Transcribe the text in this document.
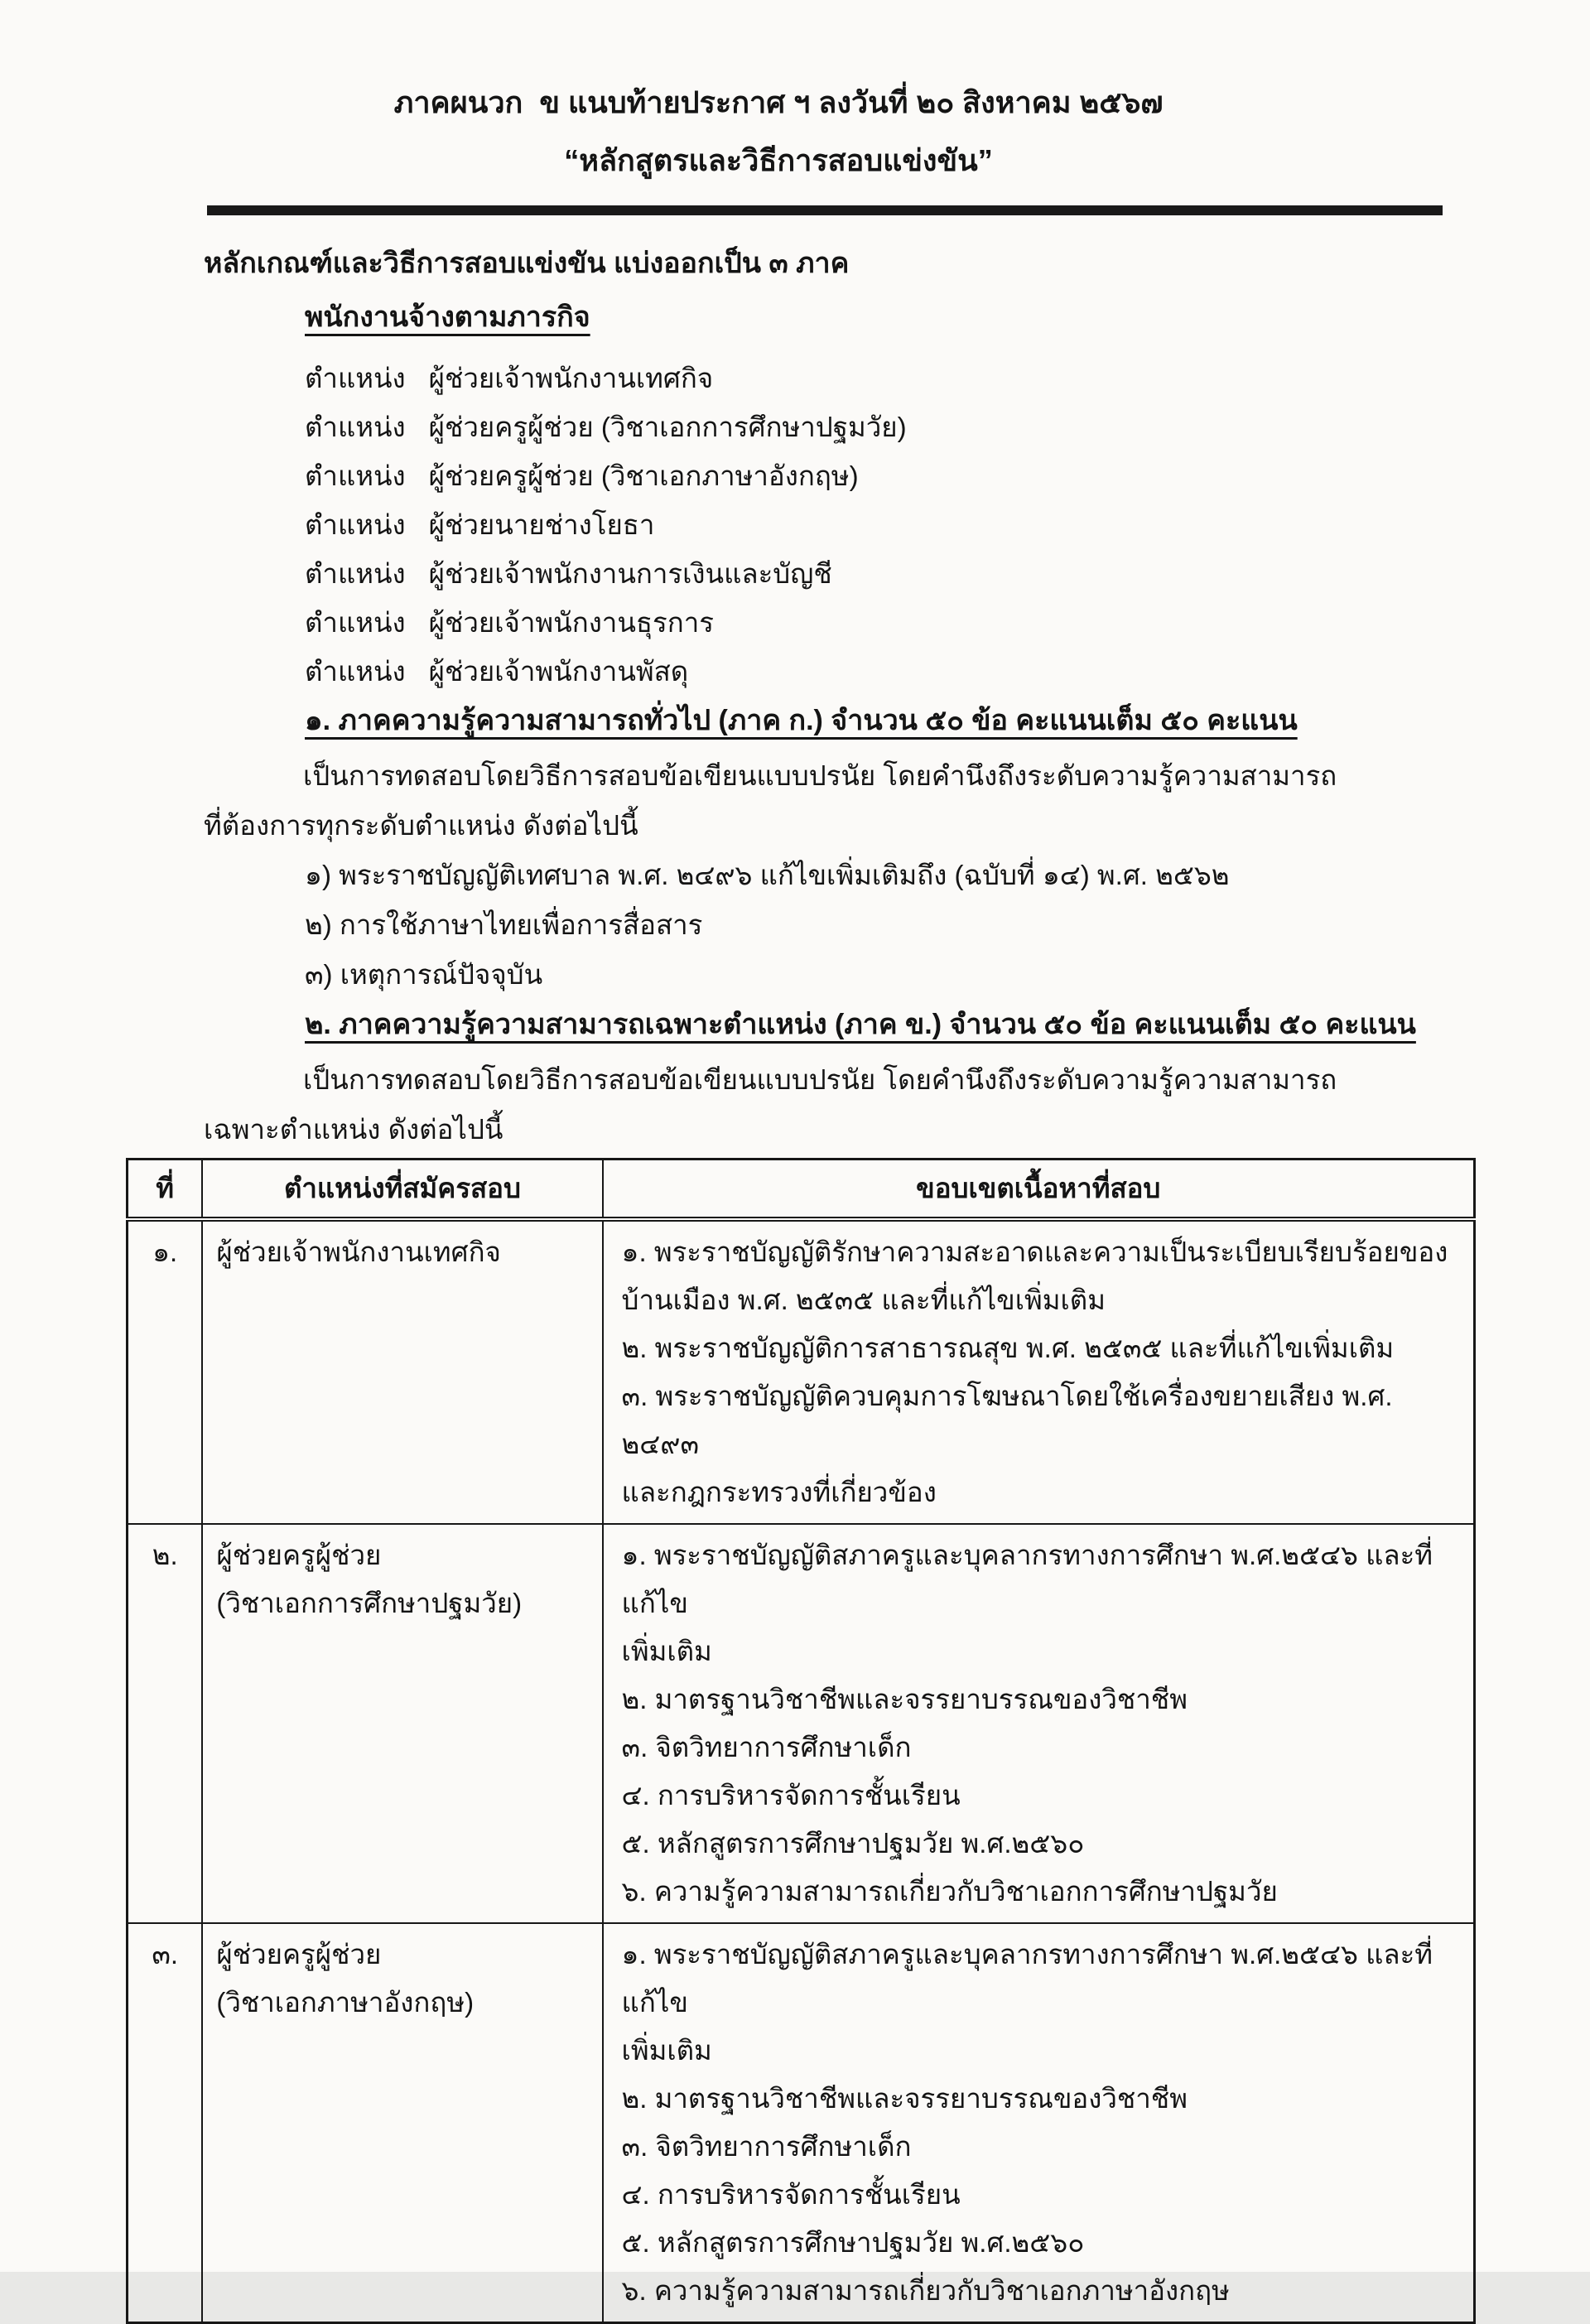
ภาคผนวก  ข แนบท้ายประกาศ ฯ ลงวันที่ ๒๐ สิงหาคม ๒๕๖๗
“หลักสูตรและวิธีการสอบแข่งขัน”
หลักเกณฑ์และวิธีการสอบแข่งขัน แบ่งออกเป็น ๓ ภาค
พนักงานจ้างตามภารกิจ
ตำแหน่ง ผู้ช่วยเจ้าพนักงานเทศกิจ
ตำแหน่ง ผู้ช่วยครูผู้ช่วย (วิชาเอกการศึกษาปฐมวัย)
ตำแหน่ง ผู้ช่วยครูผู้ช่วย (วิชาเอกภาษาอังกฤษ)
ตำแหน่ง ผู้ช่วยนายช่างโยธา
ตำแหน่ง ผู้ช่วยเจ้าพนักงานการเงินและบัญชี
ตำแหน่ง ผู้ช่วยเจ้าพนักงานธุรการ
ตำแหน่ง ผู้ช่วยเจ้าพนักงานพัสดุ
๑. ภาคความรู้ความสามารถทั่วไป (ภาค ก.) จำนวน ๕๐ ข้อ คะแนนเต็ม ๕๐ คะแนน
เป็นการทดสอบโดยวิธีการสอบข้อเขียนแบบปรนัย โดยคำนึงถึงระดับความรู้ความสามารถ
ที่ต้องการทุกระดับตำแหน่ง ดังต่อไปนี้
๑) พระราชบัญญัติเทศบาล พ.ศ. ๒๔๙๖ แก้ไขเพิ่มเติมถึง (ฉบับที่ ๑๔) พ.ศ. ๒๕๖๒
๒) การใช้ภาษาไทยเพื่อการสื่อสาร
๓) เหตุการณ์ปัจจุบัน
๒. ภาคความรู้ความสามารถเฉพาะตำแหน่ง (ภาค ข.) จำนวน ๕๐ ข้อ คะแนนเต็ม ๕๐ คะแนน
เป็นการทดสอบโดยวิธีการสอบข้อเขียนแบบปรนัย โดยคำนึงถึงระดับความรู้ความสามารถ
เฉพาะตำแหน่ง ดังต่อไปนี้
ที่	ตำแหน่งที่สมัครสอบ	ขอบเขตเนื้อหาที่สอบ

๑.	ผู้ช่วยเจ้าพนักงานเทศกิจ	๑. พระราชบัญญัติรักษาความสะอาดและความเป็นระเบียบเรียบร้อยของ
บ้านเมือง พ.ศ. ๒๕๓๕ และที่แก้ไขเพิ่มเติม
๒. พระราชบัญญัติการสาธารณสุข พ.ศ. ๒๕๓๕ และที่แก้ไขเพิ่มเติม
๓. พระราชบัญญัติควบคุมการโฆษณาโดยใช้เครื่องขยายเสียง พ.ศ. ๒๔๙๓
และกฎกระทรวงที่เกี่ยวข้อง

๒.	ผู้ช่วยครูผู้ช่วย
(วิชาเอกการศึกษาปฐมวัย)

๑. พระราชบัญญัติสภาครูและบุคลากรทางการศึกษา พ.ศ.๒๕๔๖ และที่แก้ไข
เพิ่มเติม
๒. มาตรฐานวิชาชีพและจรรยาบรรณของวิชาชีพ
๓. จิตวิทยาการศึกษาเด็ก
๔. การบริหารจัดการชั้นเรียน
๕. หลักสูตรการศึกษาปฐมวัย พ.ศ.๒๕๖๐
๖. ความรู้ความสามารถเกี่ยวกับวิชาเอกการศึกษาปฐมวัย

๓.	ผู้ช่วยครูผู้ช่วย
(วิชาเอกภาษาอังกฤษ)

๑. พระราชบัญญัติสภาครูและบุคลากรทางการศึกษา พ.ศ.๒๕๔๖ และที่แก้ไข
เพิ่มเติม
๒. มาตรฐานวิชาชีพและจรรยาบรรณของวิชาชีพ
๓. จิตวิทยาการศึกษาเด็ก
๔. การบริหารจัดการชั้นเรียน
๕. หลักสูตรการศึกษาปฐมวัย พ.ศ.๒๕๖๐
๖. ความรู้ความสามารถเกี่ยวกับวิชาเอกภาษาอังกฤษ
